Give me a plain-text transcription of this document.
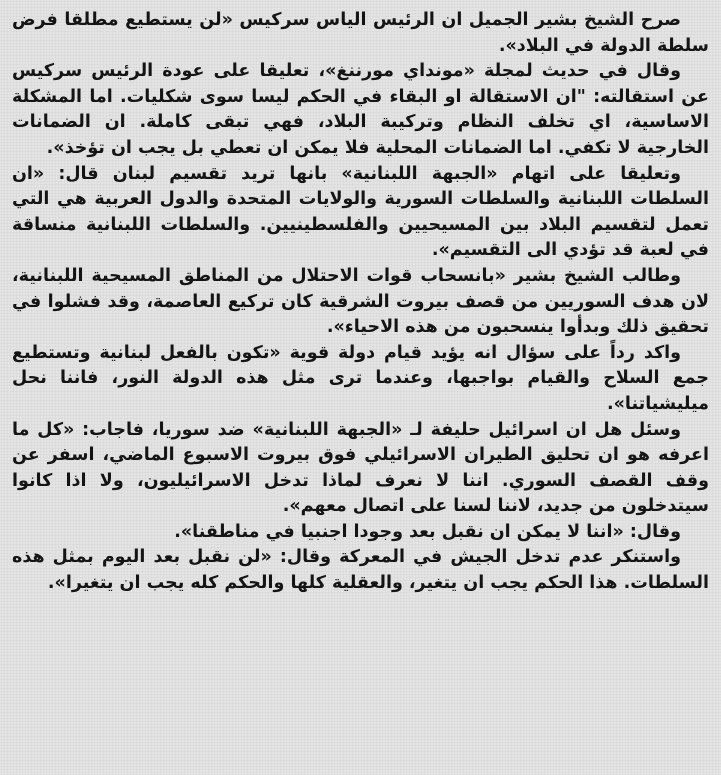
صرح الشيخ بشير الجميل ان الرئيس الياس سركيس «لن يستطيع مطلقا فرض سلطة الدولة في البلاد».

وقال في حديث لمجلة «مونداي مورننغ»، تعليقا على عودة الرئيس سركيس عن استقالته: "ان الاستقالة او البقاء في الحكم ليسا سوى شكليات. اما المشكلة الاساسية، اي تخلف النظام وتركيبة البلاد، فهي تبقى كاملة. ان الضمانات الخارجية لا تكفي. اما الضمانات المحلية فلا يمكن ان تعطي بل يجب ان تؤخذ».

وتعليقا على اتهام «الجبهة اللبنانية» بانها تريد تقسيم لبنان قال: «ان السلطات اللبنانية والسلطات السورية والولايات المتحدة والدول العربية هي التي تعمل لتقسيم البلاد بين المسيحيين والفلسطينيين. والسلطات اللبنانية منساقة في لعبة قد تؤدي الى التقسيم».

وطالب الشيخ بشير «بانسحاب قوات الاحتلال من المناطق المسيحية اللبنانية، لان هدف السوريين من قصف بيروت الشرقية كان تركيع العاصمة، وقد فشلوا في تحقيق ذلك وبدأوا ينسحبون من هذه الاحياء».

واكد رداً على سؤال انه يؤيد قيام دولة قوية «تكون بالفعل لبنانية وتستطيع جمع السلاح والقيام بواجبها، وعندما ترى مثل هذه الدولة النور، فاننا نحل ميليشياتنا».

وسئل هل ان اسرائيل حليفة لـ «الجبهة اللبنانية» ضد سوريا، فاجاب: «كل ما اعرفه هو ان تحليق الطيران الاسرائيلي فوق بيروت الاسبوع الماضي، اسفر عن وقف القصف السوري. اننا لا نعرف لماذا تدخل الاسرائيليون، ولا اذا كانوا سيتدخلون من جديد، لاننا لسنا على اتصال معهم».

وقال: «اننا لا يمكن ان نقبل بعد وجودا اجنبيا في مناطقنا».

واستنكر عدم تدخل الجيش في المعركة وقال: «لن نقبل بعد اليوم بمثل هذه السلطات. هذا الحكم يجب ان يتغير، والعقلية كلها والحكم كله يجب ان يتغيرا».
